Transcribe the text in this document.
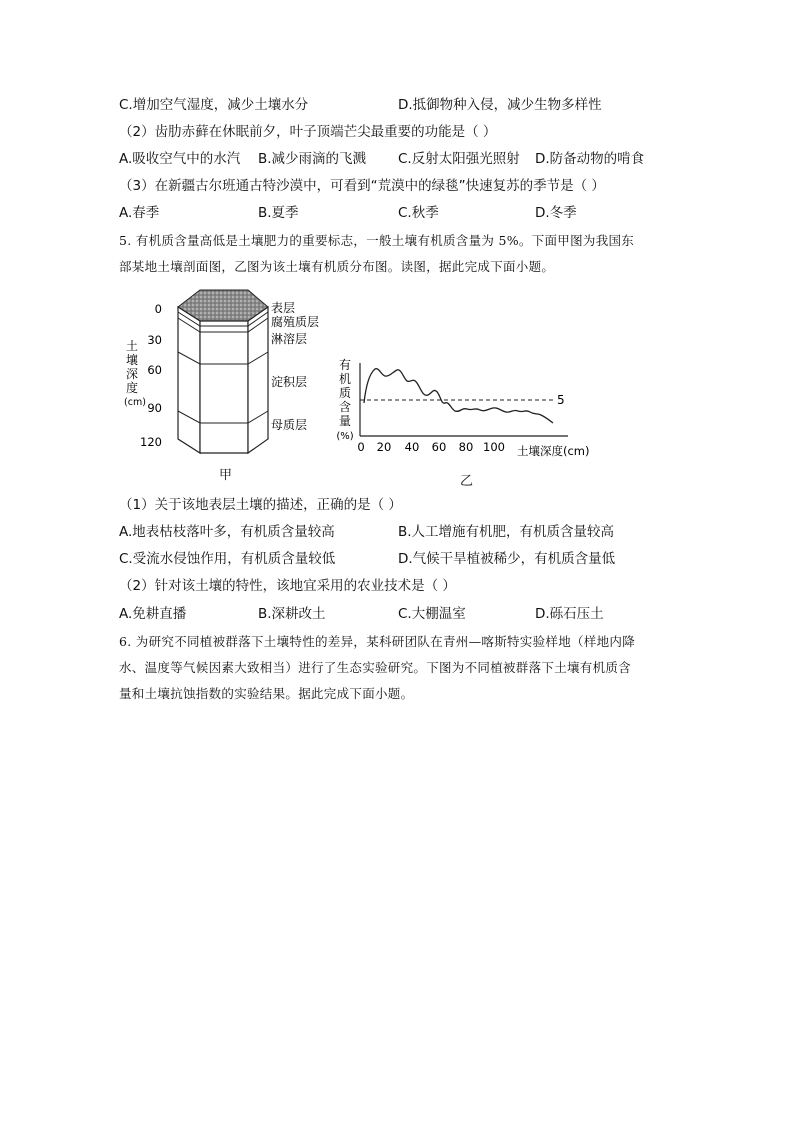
C.增加空气湿度，减少土壤水分	D.抵御物种入侵，减少生物多样性
（2）齿肋赤藓在休眠前夕，叶子顶端芒尖最重要的功能是（ ）
A.吸收空气中的水汽 B.减少雨滴的飞溅 C.反射太阳强光照射 D.防备动物的啃食
（3）在新疆古尔班通古特沙漠中，可看到“荒漠中的绿毯”快速复苏的季节是（ ）
A.春季	B.夏季	C.秋季	D.冬季
5. 有机质含量高低是土壤肥力的重要标志，一般土壤有机质含量为 5%。下面甲图为我国东
部某地土壤剖面图，乙图为该土壤有机质分布图。读图，据此完成下面小题。
土
壤
深
度
(cm)
0
30
60
90
120
表层
腐殖质层
淋溶层
淀积层
母质层
甲
有
机
质
含
量
(%)
5
0 20 40 60 80 100 土壤深度(cm)
乙
（1）关于该地表层土壤的描述，正确的是（ ）
A.地表枯枝落叶多，有机质含量较高	B.人工增施有机肥，有机质含量较高
C.受流水侵蚀作用，有机质含量较低	D.气候干旱植被稀少，有机质含量低
（2）针对该土壤的特性，该地宜采用的农业技术是（ ）
A.免耕直播	B.深耕改土	C.大棚温室	D.砾石压土
6. 为研究不同植被群落下土壤特性的差异，某科研团队在青州—喀斯特实验样地（样地内降
水、温度等气候因素大致相当）进行了生态实验研究。下图为不同植被群落下土壤有机质含
量和土壤抗蚀指数的实验结果。据此完成下面小题。
